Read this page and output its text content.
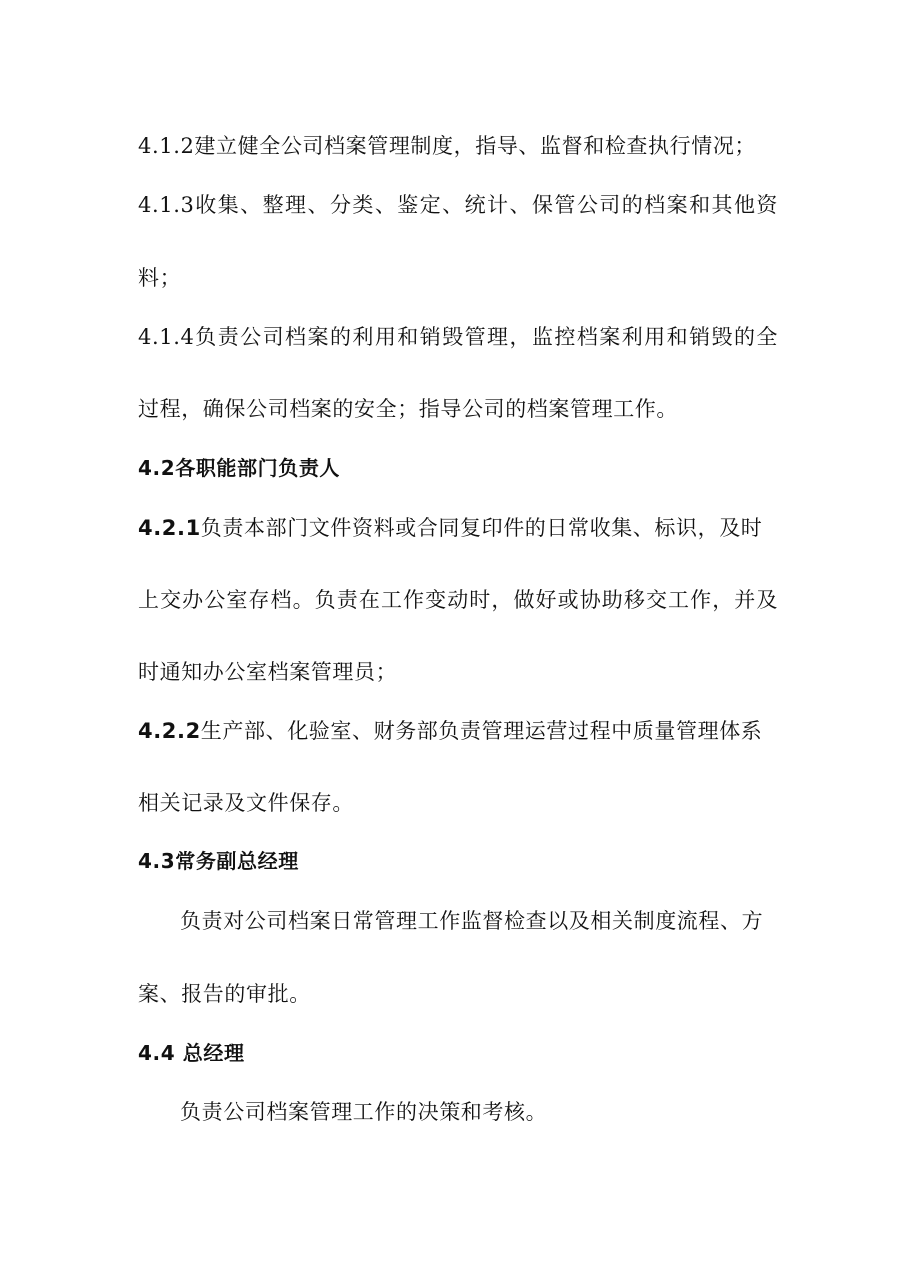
4.1.2建立健全公司档案管理制度，指导、监督和检查执行情况；
4.1.3收集、整理、分类、鉴定、统计、保管公司的档案和其他资
料；
4.1.4负责公司档案的利用和销毁管理，监控档案利用和销毁的全
过程，确保公司档案的安全；指导公司的档案管理工作。
4.2各职能部门负责人
4.2.1负责本部门文件资料或合同复印件的日常收集、标识，及时
上交办公室存档。负责在工作变动时，做好或协助移交工作，并及
时通知办公室档案管理员；
4.2.2生产部、化验室、财务部负责管理运营过程中质量管理体系
相关记录及文件保存。
4.3常务副总经理
负责对公司档案日常管理工作监督检查以及相关制度流程、方
案、报告的审批。
4.4 总经理
负责公司档案管理工作的决策和考核。
